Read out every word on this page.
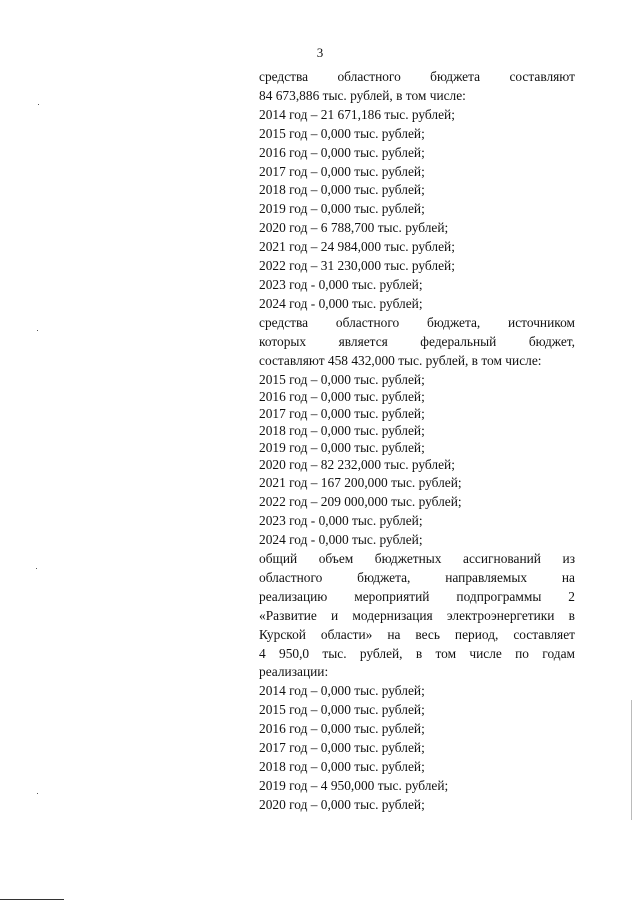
3
средства областного бюджета составляют
84 673,886 тыс. рублей, в том числе:
2014 год – 21 671,186 тыс. рублей;
2015 год – 0,000 тыс. рублей;
2016 год – 0,000 тыс. рублей;
2017 год – 0,000 тыс. рублей;
2018 год – 0,000 тыс. рублей;
2019 год – 0,000 тыс. рублей;
2020 год – 6 788,700 тыс. рублей;
2021 год – 24 984,000 тыс. рублей;
2022 год – 31 230,000 тыс. рублей;
2023 год - 0,000 тыс. рублей;
2024 год - 0,000 тыс. рублей;
средства областного бюджета, источником
которых является федеральный бюджет,
составляют 458 432,000 тыс. рублей, в том числе:
2015 год – 0,000 тыс. рублей;
2016 год – 0,000 тыс. рублей;
2017 год – 0,000 тыс. рублей;
2018 год – 0,000 тыс. рублей;
2019 год – 0,000 тыс. рублей;
2020 год – 82 232,000 тыс. рублей;
2021 год – 167 200,000 тыс. рублей;
2022 год – 209 000,000 тыс. рублей;
2023 год - 0,000 тыс. рублей;
2024 год - 0,000 тыс. рублей;
общий объем бюджетных ассигнований из
областного бюджета, направляемых на
реализацию мероприятий подпрограммы 2
«Развитие и модернизация электроэнергетики в
Курской области» на весь период, составляет
4 950,0 тыс. рублей, в том числе по годам
реализации:
2014 год – 0,000 тыс. рублей;
2015 год – 0,000 тыс. рублей;
2016 год – 0,000 тыс. рублей;
2017 год – 0,000 тыс. рублей;
2018 год – 0,000 тыс. рублей;
2019 год – 4 950,000 тыс. рублей;
2020 год – 0,000 тыс. рублей;
